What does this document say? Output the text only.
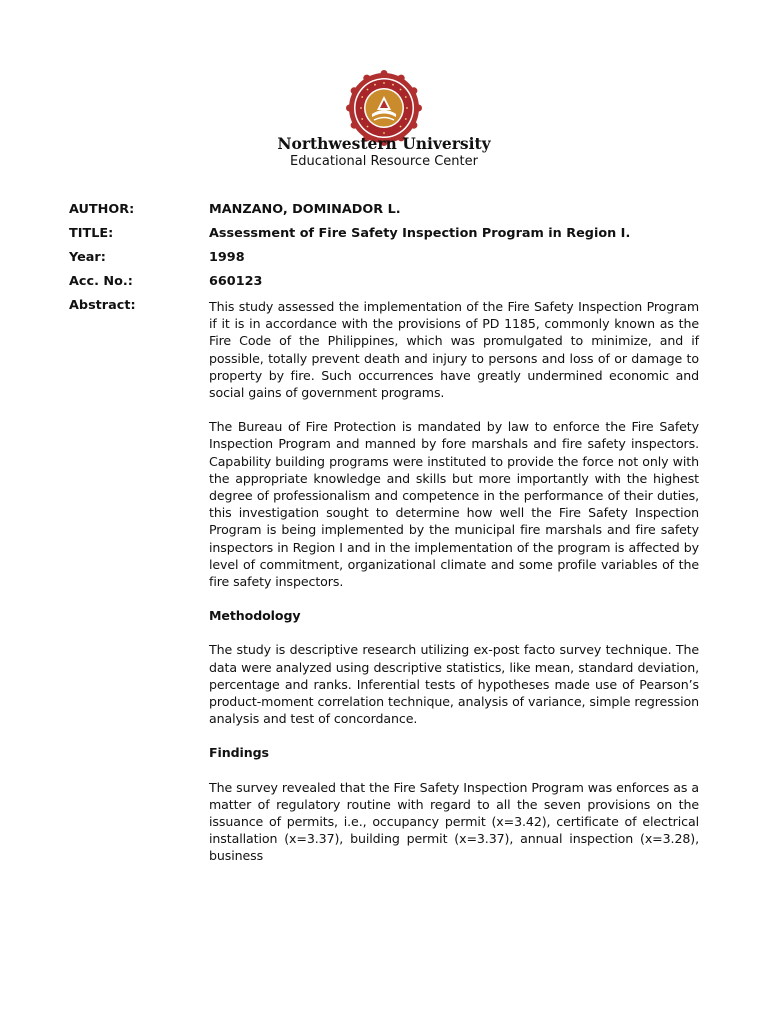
Northwestern University
Educational Resource Center
AUTHOR:	MANZANO, DOMINADOR L.
TITLE:	Assessment of Fire Safety Inspection Program in Region I.
Year:	1998
Acc. No.:	660123
Abstract:	This study assessed the implementation of the Fire Safety Inspection Program if it is in accordance with the provisions of PD 1185, commonly known as the Fire Code of the Philippines, which was promulgated to minimize, and if possible, totally prevent death and injury to persons and loss of or damage to property by fire. Such occurrences have greatly undermined economic and social gains of government programs.

The Bureau of Fire Protection is mandated by law to enforce the Fire Safety Inspection Program and manned by fore marshals and fire safety inspectors. Capability building programs were instituted to provide the force not only with the appropriate knowledge and skills but more importantly with the highest degree of professionalism and competence in the performance of their duties, this investigation sought to determine how well the Fire Safety Inspection Program is being implemented by the municipal fire marshals and fire safety inspectors in Region I and in the implementation of the program is affected by level of commitment, organizational climate and some profile variables of the fire safety inspectors.

Methodology

The study is descriptive research utilizing ex-post facto survey technique. The data were analyzed using descriptive statistics, like mean, standard deviation, percentage and ranks. Inferential tests of hypotheses made use of Pearson’s product-moment correlation technique, analysis of variance, simple regression analysis and test of concordance.

Findings

The survey revealed that the Fire Safety Inspection Program was enforces as a matter of regulatory routine with regard to all the seven provisions on the issuance of permits, i.e., occupancy permit (x=3.42), certificate of electrical installation (x=3.37), building permit (x=3.37), annual inspection (x=3.28), business
